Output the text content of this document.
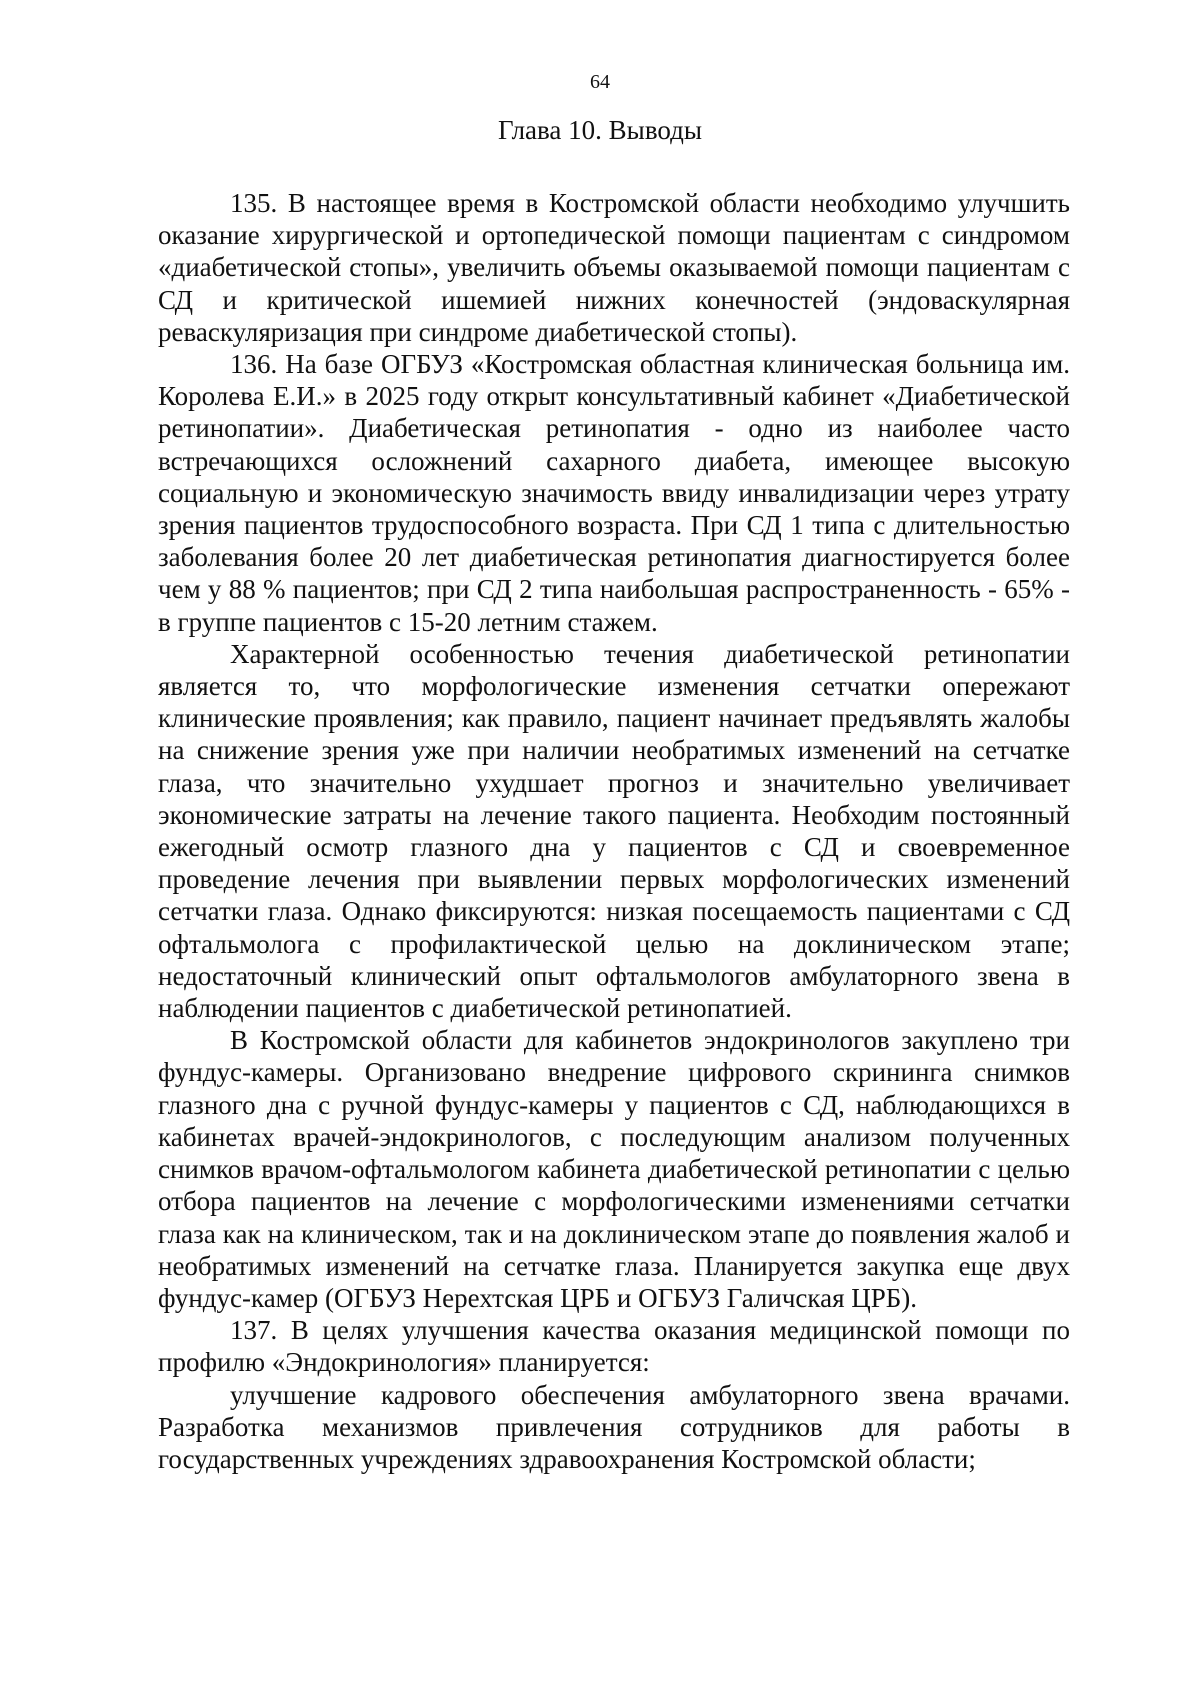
64
Глава 10. Выводы

135. В настоящее время в Костромской области необходимо улучшить оказание хирургической и ортопедической помощи пациентам с синдромом «диабетической стопы», увеличить объемы оказываемой помощи пациентам с СД и критической ишемией нижних конечностей (эндоваскулярная реваскуляризация при синдроме диабетической стопы).

136. На базе ОГБУЗ «Костромская областная клиническая больница им. Королева Е.И.» в 2025 году открыт консультативный кабинет «Диабетической ретинопатии». Диабетическая ретинопатия - одно из наиболее часто встречающихся осложнений сахарного диабета, имеющее высокую социальную и экономическую значимость ввиду инвалидизации через утрату зрения пациентов трудоспособного возраста. При СД 1 типа с длительностью заболевания более 20 лет диабетическая ретинопатия диагностируется более чем у 88 % пациентов; при СД 2 типа наибольшая распространенность - 65% - в группе пациентов с 15-20 летним стажем.

Характерной особенностью течения диабетической ретинопатии является то, что морфологические изменения сетчатки опережают клинические проявления; как правило, пациент начинает предъявлять жалобы на снижение зрения уже при наличии необратимых изменений на сетчатке глаза, что значительно ухудшает прогноз и значительно увеличивает экономические затраты на лечение такого пациента. Необходим постоянный ежегодный осмотр глазного дна у пациентов с СД и своевременное проведение лечения при выявлении первых морфологических изменений сетчатки глаза. Однако фиксируются: низкая посещаемость пациентами с СД офтальмолога с профилактической целью на доклиническом этапе; недостаточный клинический опыт офтальмологов амбулаторного звена в наблюдении пациентов с диабетической ретинопатией.

В Костромской области для кабинетов эндокринологов закуплено три фундус-камеры. Организовано внедрение цифрового скрининга снимков глазного дна с ручной фундус-камеры у пациентов с СД, наблюдающихся в кабинетах врачей-эндокринологов, с последующим анализом полученных снимков врачом-офтальмологом кабинета диабетической ретинопатии с целью отбора пациентов на лечение с морфологическими изменениями сетчатки глаза как на клиническом, так и на доклиническом этапе до появления жалоб и необратимых изменений на сетчатке глаза. Планируется закупка еще двух фундус-камер (ОГБУЗ Нерехтская ЦРБ и ОГБУЗ Галичская ЦРБ).

137. В целях улучшения качества оказания медицинской помощи по профилю «Эндокринология» планируется:

улучшение кадрового обеспечения амбулаторного звена врачами. Разработка механизмов привлечения сотрудников для работы в государственных учреждениях здравоохранения Костромской области;
